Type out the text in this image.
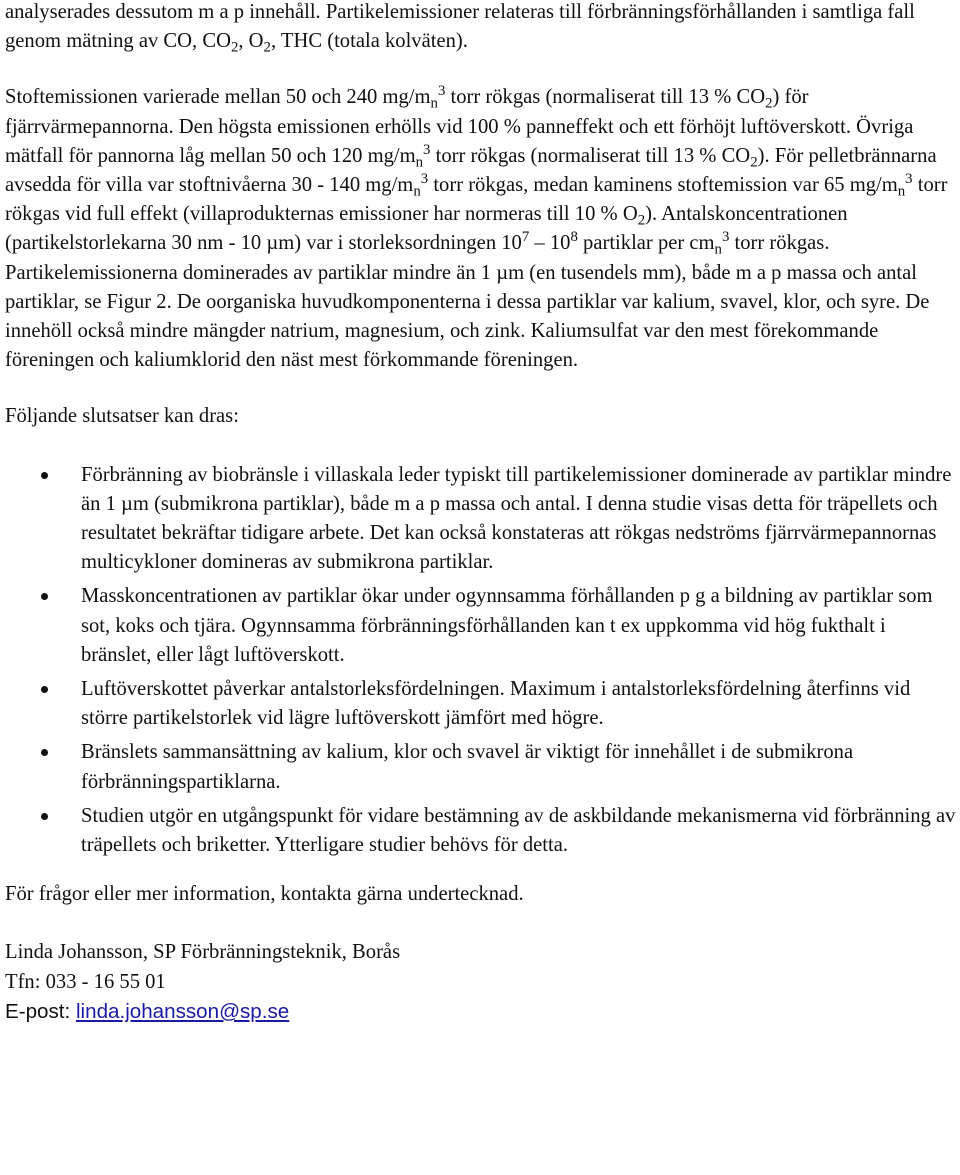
analyserades dessutom m a p innehåll. Partikelemissioner relateras till förbränningsförhållanden i samtliga fall genom mätning av CO, $CO_2$, $O_2$, THC (totala kolväten).

Stoftemissionen varierade mellan 50 och 240 $mg/m_n^3$ torr rökgas (normaliserat till 13 % $CO_2$) för fjärrvärmepannorna. Den högsta emissionen erhölls vid 100 % panneffekt och ett förhöjt luftöverskott. Övriga mätfall för pannorna låg mellan 50 och 120 $mg/m_n^3$ torr rökgas (normaliserat till 13 % $CO_2$). För pelletbrännarna avsedda för villa var stoftnivåerna 30 - 140 $mg/m_n^3$ torr rökgas, medan kaminens stoftemission var 65 $mg/m_n^3$ torr rökgas vid full effekt (villaprodukternas emissioner har normeras till 10 % $O_2$). Antalskoncentrationen (partikelstorlekarna 30 nm - 10 µm) var i storleksordningen $10^7 - 10^8$ partiklar per $cm_n^3$ torr rökgas. Partikelemissionerna dominerades av partiklar mindre än 1 µm (en tusendels mm), både m a p massa och antal partiklar, se Figur 2. De oorganiska huvudkomponenterna i dessa partiklar var kalium, svavel, klor, och syre. De innehöll också mindre mängder natrium, magnesium, och zink. Kaliumsulfat var den mest förekommande föreningen och kaliumklorid den näst mest förkommande föreningen.

Följande slutsatser kan dras:

Förbränning av biobränsle i villaskala leder typiskt till partikelemissioner dominerade av partiklar mindre än 1 µm (submikrona partiklar), både m a p massa och antal. I denna studie visas detta för träpellets och resultatet bekräftar tidigare arbete. Det kan också konstateras att rökgas nedströms fjärrvärmepannornas multicykloner domineras av submikrona partiklar.
Masskoncentrationen av partiklar ökar under ogynnsamma förhållanden p g a bildning av partiklar som sot, koks och tjära. Ogynnsamma förbränningsförhållanden kan t ex uppkomma vid hög fukthalt i bränslet, eller lågt luftöverskott.
Luftöverskottet påverkar antalstorleksfördelningen. Maximum i antalstorleksfördelning återfinns vid större partikelstorlek vid lägre luftöverskott jämfört med högre.
Bränslets sammansättning av kalium, klor och svavel är viktigt för innehållet i de submikrona förbränningspartiklarna.
Studien utgör en utgångspunkt för vidare bestämning av de askbildande mekanismerna vid förbränning av träpellets och briketter. Ytterligare studier behövs för detta.

För frågor eller mer information, kontakta gärna undertecknad.

Linda Johansson, SP Förbränningsteknik, Borås

Tfn: 033 - 16 55 01

E-post: linda.johansson@sp.se
